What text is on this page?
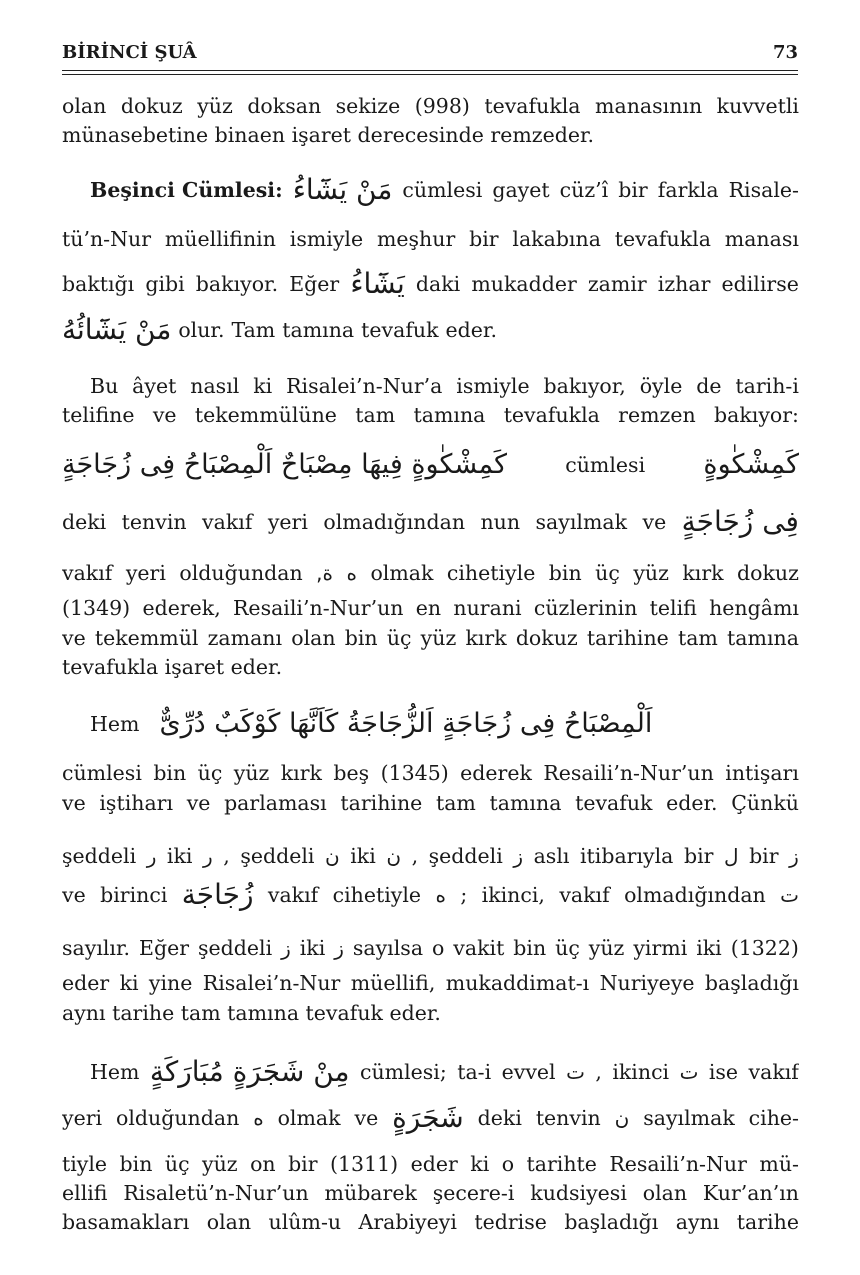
BİRİNCİ ŞUÂ	73
olan dokuz yüz doksan sekize (998) tevafukla manasının kuvvetli
münasebetine binaen işaret derecesinde remzeder.
Beşinci Cümlesi: مَنْ يَشَٓاءُ cümlesi gayet cüz’î bir farkla Risale-
tü’n-Nur müellifinin ismiyle meşhur bir lakabına tevafukla manası
baktığı gibi bakıyor. Eğer يَشَٓاءُ daki mukadder zamir izhar edilirse
مَنْ يَشَٓائُهُ olur. Tam tamına tevafuk eder.
Bu âyet nasıl ki Risalei’n-Nur’a ismiyle bakıyor, öyle de tarih-i
telifine ve tekemmülüne tam tamına tevafukla remzen bakıyor:
كَمِشْكٰوةٍ فِيهَا مِصْبَاحٌ اَلْمِصْبَاحُ فِى زُجَاجَةٍ	cümlesi كَمِشْكٰوةٍ
deki tenvin vakıf yeri olmadığından nun sayılmak ve فِى زُجَاجَةٍ
vakıf yeri olduğundan ة, ه olmak cihetiyle bin üç yüz kırk dokuz
(1349) ederek, Resaili’n-Nur’un en nurani cüzlerinin telifi hengâmı
ve tekemmül zamanı olan bin üç yüz kırk dokuz tarihine tam tamına
tevafukla işaret eder.
Hem اَلْمِصْبَاحُ فِى زُجَاجَةٍ اَلزُّجَاجَةُ كَاَنَّهَا كَوْكَبٌ دُرِّىٌّ
cümlesi bin üç yüz kırk beş (1345) ederek Resaili’n-Nur’un intişarı
ve iştiharı ve parlaması tarihine tam tamına tevafuk eder. Çünkü
şeddeli ر iki ر , şeddeli ن iki ن , şeddeli ز aslı itibarıyla bir ل bir ز
ve birinci زُجَاجَة vakıf cihetiyle ه ; ikinci, vakıf olmadığından ت
sayılır. Eğer şeddeli ز iki ز sayılsa o vakit bin üç yüz yirmi iki (1322)
eder ki yine Risalei’n-Nur müellifi, mukaddimat-ı Nuriyeye başladığı
aynı tarihe tam tamına tevafuk eder.
Hem مِنْ شَجَرَةٍ مُبَارَكَةٍ cümlesi; ta-i evvel ت , ikinci ت ise vakıf
yeri olduğundan ه olmak ve شَجَرَةٍ deki tenvin ن sayılmak cihe-
tiyle bin üç yüz on bir (1311) eder ki o tarihte Resaili’n-Nur mü-
ellifi Risaletü’n-Nur’un mübarek şecere-i kudsiyesi olan Kur’an’ın
basamakları olan ulûm-u Arabiyeyi tedrise başladığı aynı tarihe
